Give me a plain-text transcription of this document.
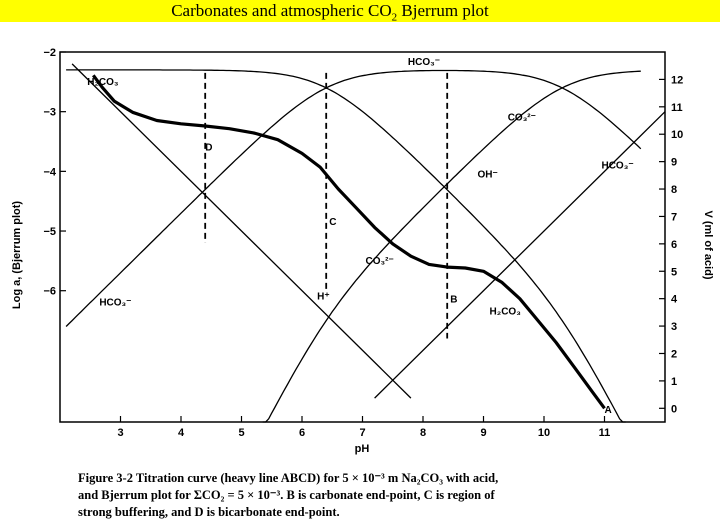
Carbonates and atmospheric $CO_2$ Bjerrum plot
3	4	5	6	7	8	9	10	11
−2
−3
−4
−5
−6
0
1
2
3
4
5
6
7
8
9
10
11
12
H₂CO₃
HCO₃⁻
CO₃²⁻
HCO₃⁻
OH⁻
D
C
CO₃²⁻
H⁺	B
HCO₃⁻
H₂CO₃
A
pH
Log a, (Bjerrum plot)	V (ml of acid)
Figure 3-2 Titration curve (heavy line ABCD) for 5 × 10⁻³ m Na₂CO₃ with acid,
and Bjerrum plot for ΣCO₂ = 5 × 10⁻³. B is carbonate end-point, C is region of
strong buffering, and D is bicarbonate end-point.
